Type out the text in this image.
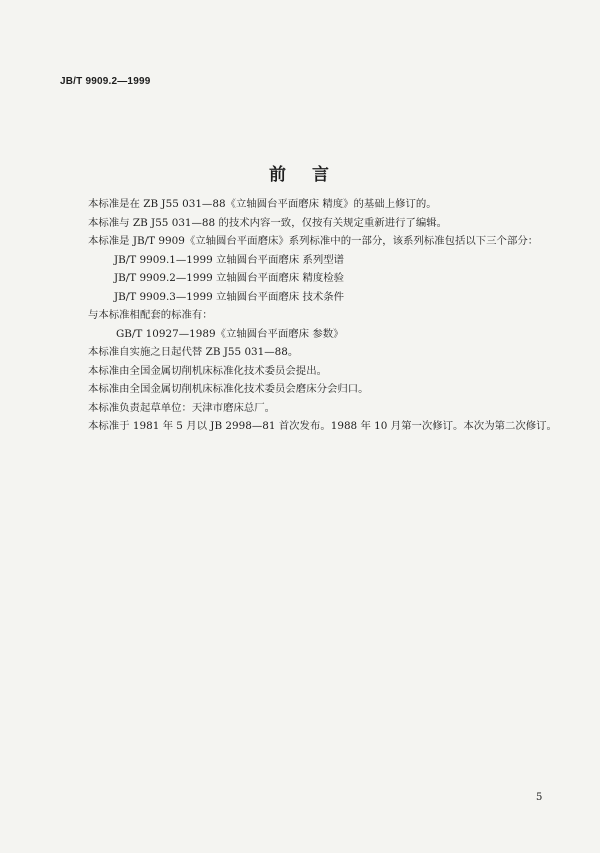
JB/T 9909.2—1999
前 言
本标准是在 ZB J55 031—88《立轴圆台平面磨床 精度》的基础上修订的。
本标准与 ZB J55 031—88 的技术内容一致，仅按有关规定重新进行了编辑。
本标准是 JB/T 9909《立轴圆台平面磨床》系列标准中的一部分，该系列标准包括以下三个部分：
JB/T 9909.1—1999 立轴圆台平面磨床 系列型谱
JB/T 9909.2—1999 立轴圆台平面磨床 精度检验
JB/T 9909.3—1999 立轴圆台平面磨床 技术条件
与本标准相配套的标准有：
GB/T 10927—1989《立轴圆台平面磨床 参数》
本标准自实施之日起代替 ZB J55 031—88。
本标准由全国金属切削机床标准化技术委员会提出。
本标准由全国金属切削机床标准化技术委员会磨床分会归口。
本标准负责起草单位：天津市磨床总厂。
本标准于 1981 年 5 月以 JB 2998—81 首次发布。1988 年 10 月第一次修订。本次为第二次修订。
5
